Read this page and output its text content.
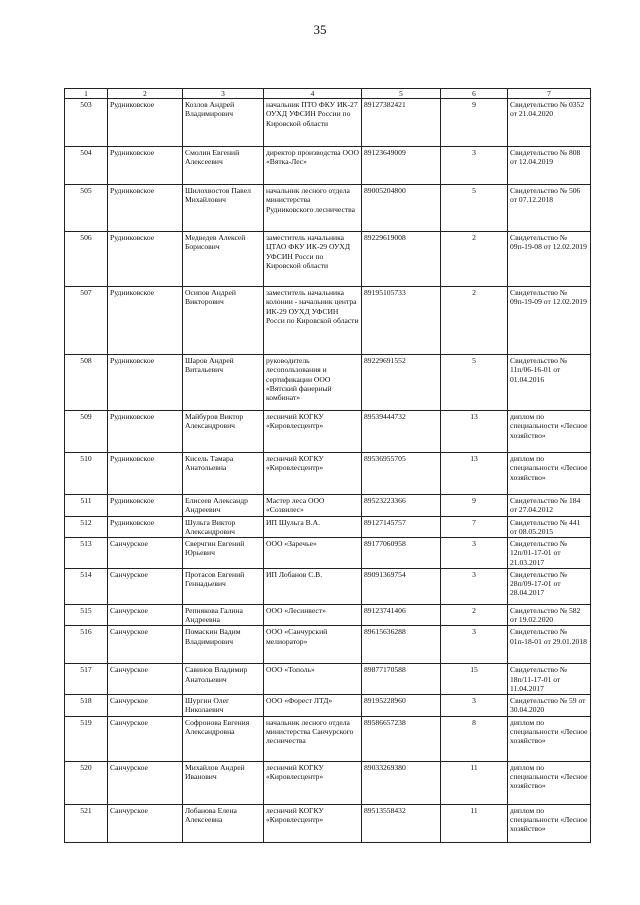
35
1	2	3	4	5	6	7
503	Рудниковское	Козлов Андрей Владимирович	начальник ПТО ФКУ ИК-27 ОУХД УФСИН России по Кировской области	89127382421	9	Свидетельство № 0352 от 21.04.2020
504	Рудниковское	Смолин Евгений Алексеевич	директор производства ООО «Вятка-Лес»	89123649009	3	Свидетельство № 808 от 12.04.2019
505	Рудниковское	Шилохвостов Павел Михайлович	начальник лесного отдела министерства Рудниковского лесничества	89005204800	5	Свидетельство № 506 от 07.12.2018
506	Рудниковское	Медведев Алексей Борисович	заместитель начальника ЦТАО ФКУ ИК-29 ОУХД УФСИН Росси по Кировской области	89229619008	2	Свидетельство № 09п-19-08 от 12.02.2019
507	Рудниковское	Осипов Андрей Викторович	заместитель начальника колонии - начальник центра ИК-29 ОУХД УФСИН Росси по Кировской области	89195105733	2	Свидетельство № 09п-19-09 от 12.02.2019
508	Рудниковское	Шаров Андрей Витальевич	руководитель лесопользования и сертификации ООО «Вятский фанерный комбинат»	89229691552	5	Свидетельство № 11п/06-16-01 от 01.04.2016
509	Рудниковское	Майбуров Виктор Александрович	лесничий КОГКУ «Кировлесцентр»	89539444732	13	диплом по специальности «Лесное хозяйство»
510	Рудниковское	Кисель Тамара Анатольевна	лесничий КОГКУ «Кировлесцентр»	89536955705	13	диплом по специальности «Лесное хозяйство»
511	Рудниковское	Елисеев Александр Андреевич	Мастер леса ООО «Созвилес»	89523223366	9	Свидетельство № 184 от 27.04.2012
512	Рудниковское	Шульга Виктор Александрович	ИП Шульга В.А.	89127145757	7	Свидетельство № 441 от 08.05.2015
513	Санчурское	Сверчгин Евгений Юрьевич	ООО «Заречье»	89177060958	3	Свидетельство № 12п/01-17-01 от 21.03.2017
514	Санчурское	Протасов Евгений Геннадьевич	ИП Лобанов С.В.	89091369754	3	Свидетельство № 28п/09-17-01 от 28.04.2017
515	Санчурское	Репнякова Галина Андреевна	ООО «Лесинвест»	89123741406	2	Свидетельство № 582 от 19.02.2020
516	Санчурское	Помаскин Вадим Владимирович	ООО «Санчурский мелиоратор»	89615636288	3	Свидетельство № 01п-18-01 от 29.01.2018
517	Санчурское	Савинов Владимир Анатольевич	ООО «Тополь»	89877170588	15	Свидетельство № 18п/11-17-01 от 11.04.2017
518	Санчурское	Шургин Олег Николаевич	ООО «Форест ЛТД»	89195228960	3	Свидетельство № 59 от 30.04.2020
519	Санчурское	Софронова Евгения Александровна	начальник лесного отдела министерства Санчурского лесничества	89586657238	8	диплом по специальности «Лесное хозяйство»
520	Санчурское	Михайлов Андрей Иванович	лесничий КОГКУ «Кировлесцентр»	89033269380	11	диплом по специальности «Лесное хозяйство»
521	Санчурское	Лобанова Елена Алексеевна	лесничий КОГКУ «Кировлесцентр»	89513558432	11	диплом по специальности «Лесное хозяйство»
